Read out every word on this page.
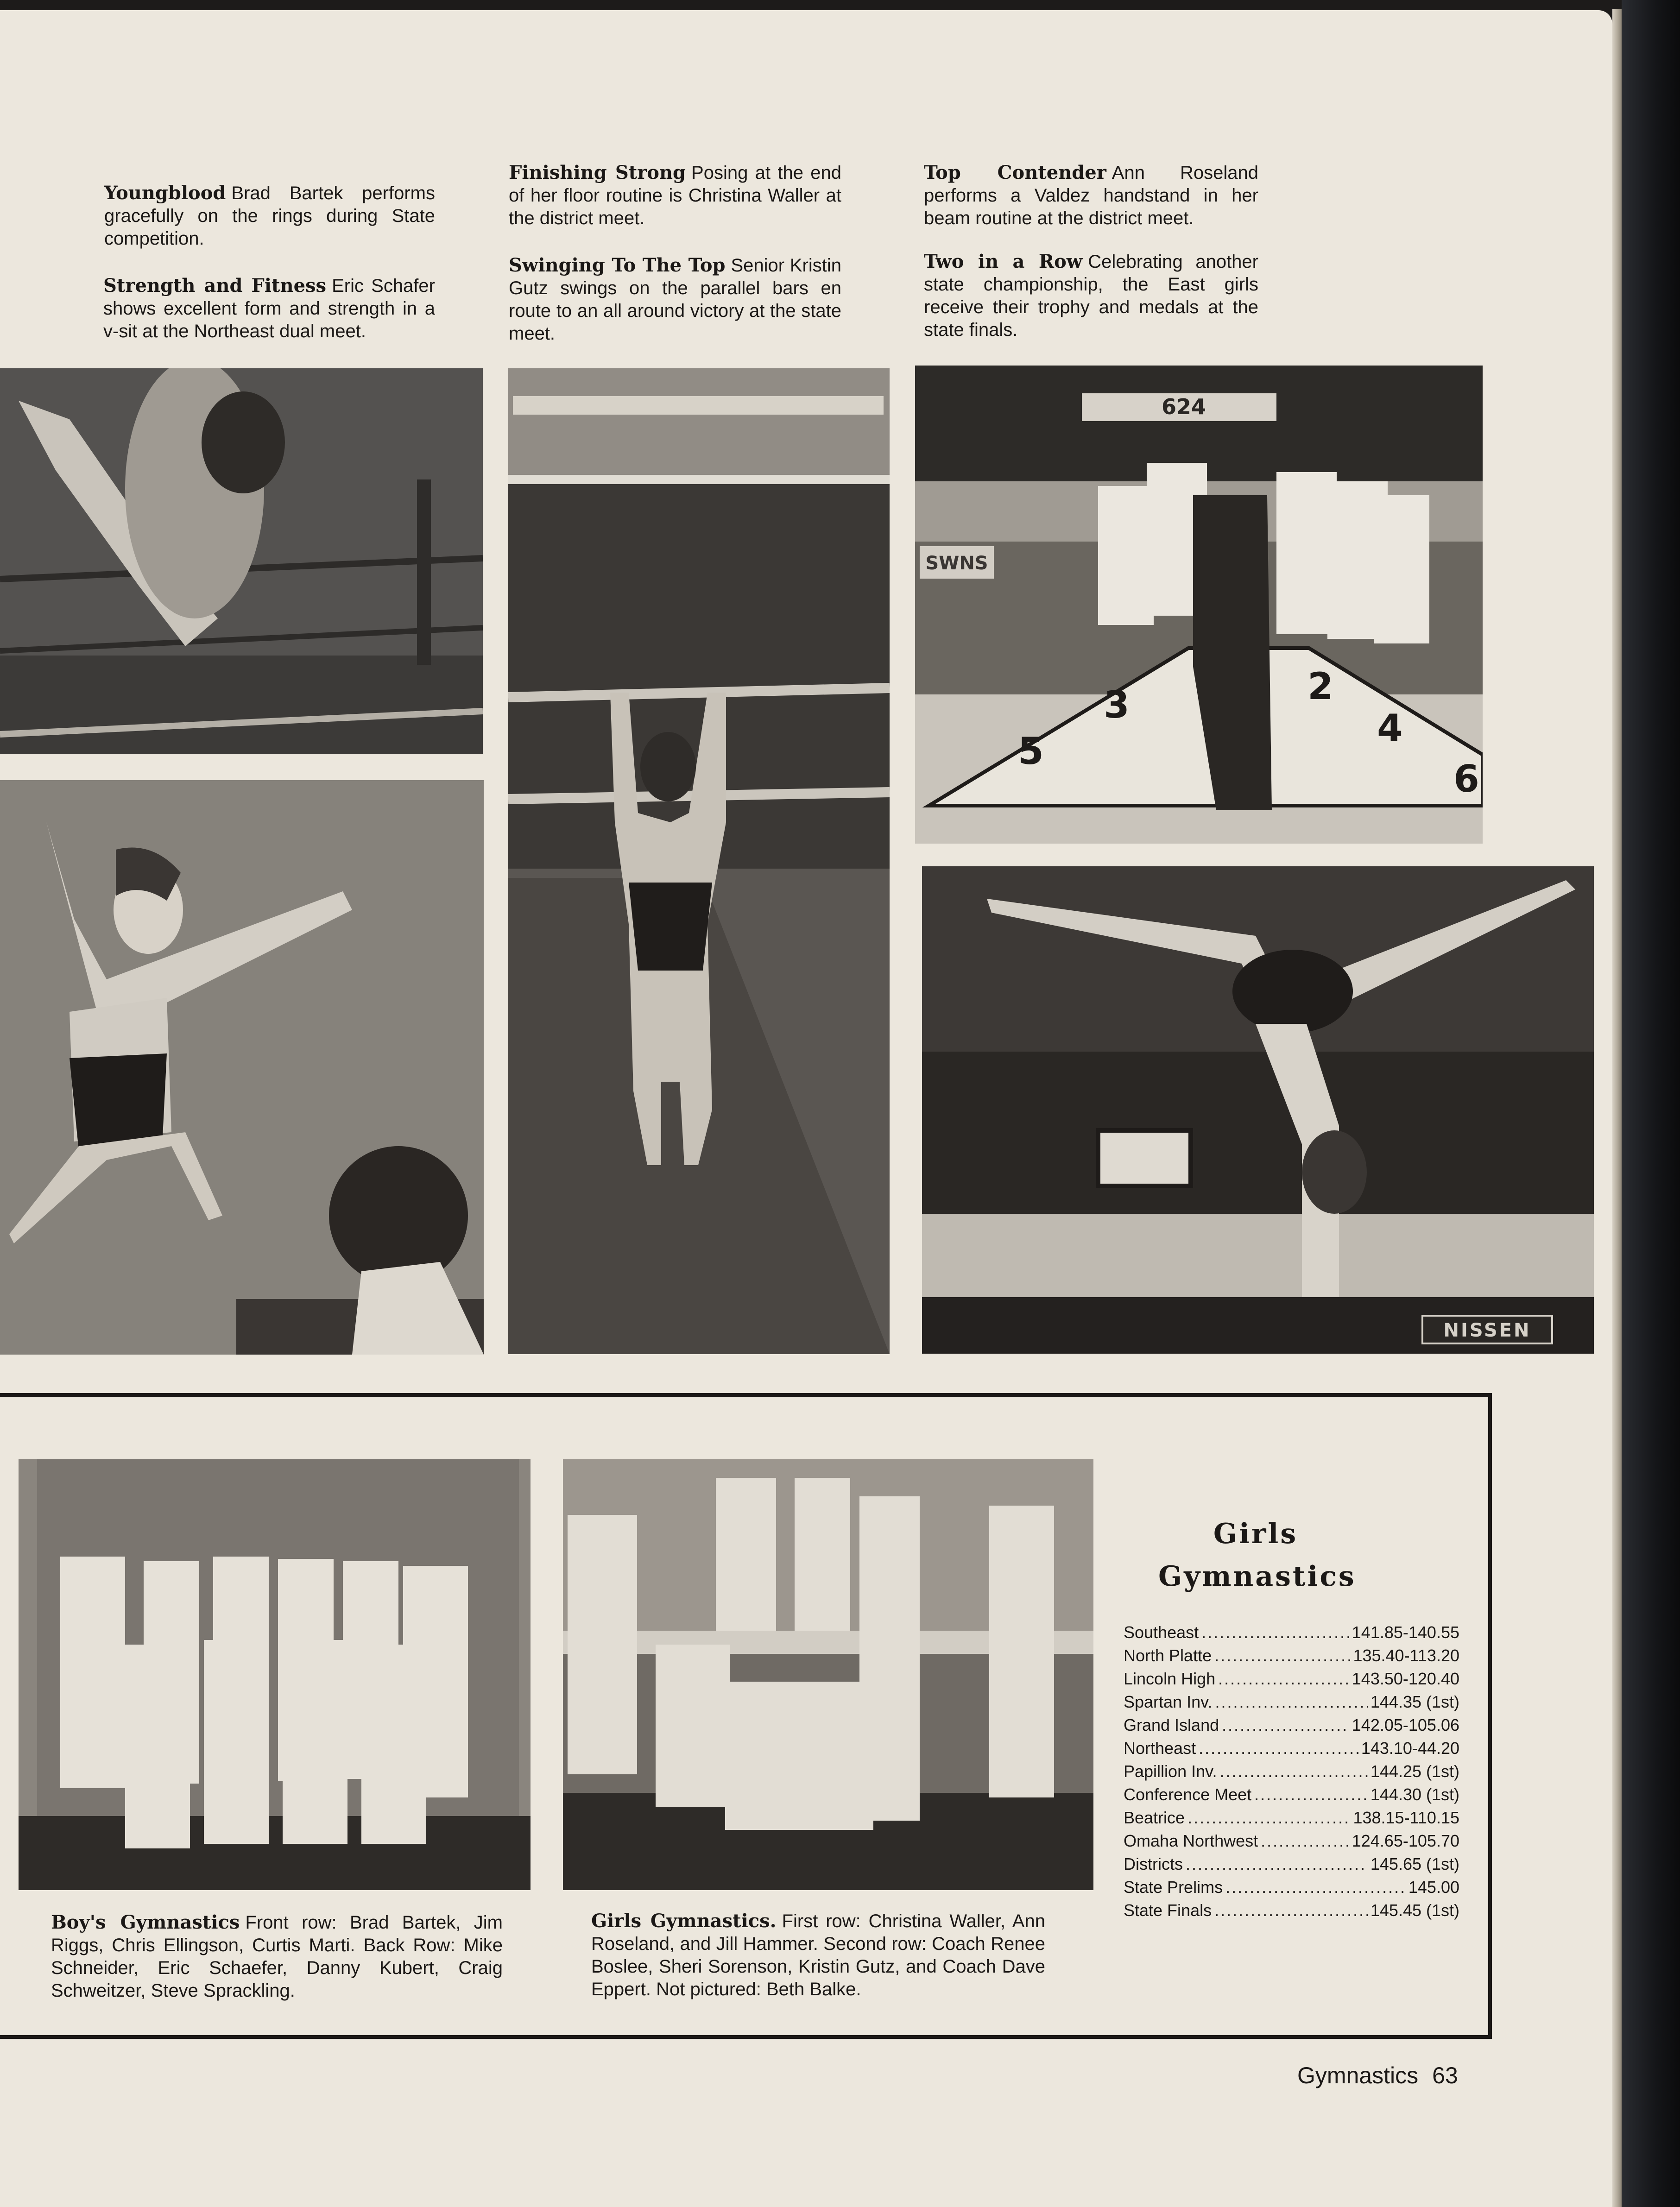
Youngblood Brad Bartek performs gracefully on the rings during State competition.
Strength and Fitness Eric Schafer shows excellent form and strength in a v-sit at the Northeast dual meet.
Finishing Strong Posing at the end of her floor routine is Christina Waller at the district meet.
Swinging To The Top Senior Kristin Gutz swings on the parallel bars en route to an all around victory at the state meet.
Top Contender Ann Roseland performs a Valdez handstand in her beam routine at the district meet.
Two in a Row Celebrating another state championship, the East girls receive their trophy and medals at the state finals.
624
SWNS
5
3	2
4
6
NISSEN
Boy's Gymnastics Front row: Brad Bartek, Jim Riggs, Chris Ellingson, Curtis Marti. Back Row: Mike Schneider, Eric Schaefer, Danny Kubert, Craig Schweitzer, Steve Sprackling.
Girls Gymnastics. First row: Christina Waller, Ann Roseland, and Jill Hammer. Second row: Coach Renee Boslee, Sheri Sorenson, Kristin Gutz, and Coach Dave Eppert. Not pictured: Beth Balke.
Girls
Gymnastics
Southeast .....	141.85-140.55
North Platte .....	135.40-113.20
Lincoln High .....	143.50-120.40
Spartan Inv. .....	144.35 (1st)
Grand Island .....	142.05-105.06
Northeast .....	143.10-44.20
Papillion Inv. .....	144.25 (1st)
Conference Meet .....	144.30 (1st)
Beatrice .....	138.15-110.15
Omaha Northwest .....	124.65-105.70
Districts .....	145.65 (1st)
State Prelims .....	145.00
State Finals .....	145.45 (1st)
Gymnastics 63
